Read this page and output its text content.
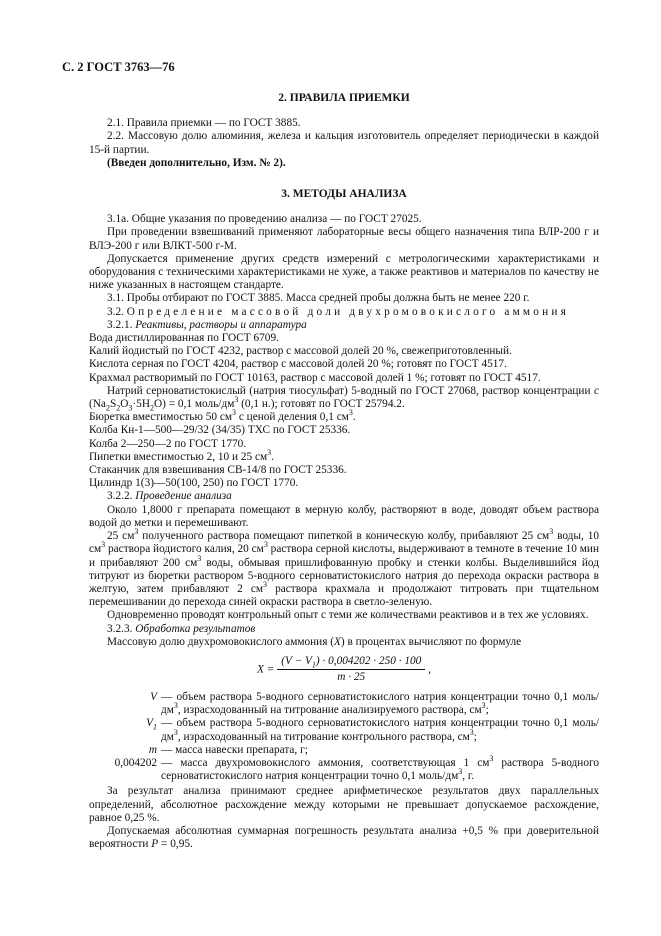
С. 2 ГОСТ 3763—76

2. ПРАВИЛА ПРИЕМКИ

2.1. Правила приемки — по ГОСТ 3885.

2.2. Массовую долю алюминия, железа и кальция изготовитель определяет периодически в каждой 15-й партии.

(Введен дополнительно, Изм. № 2).

3. МЕТОДЫ АНАЛИЗА

3.1а. Общие указания по проведению анализа — по ГОСТ 27025.

При проведении взвешиваний применяют лабораторные весы общего назначения типа ВЛР-200 г и ВЛЭ-200 г или ВЛКТ-500 г-М.

Допускается применение других средств измерений с метрологическими характеристиками и оборудования с техническими характеристиками не хуже, а также реактивов и материалов по качеству не ниже указанных в настоящем стандарте.

3.1. Пробы отбирают по ГОСТ 3885. Масса средней пробы должна быть не менее 220 г.

3.2. Определение массовой доли двухромовокислого аммония

3.2.1. Реактивы, растворы и аппаратура

Вода дистиллированная по ГОСТ 6709.

Калий йодистый по ГОСТ 4232, раствор с массовой долей 20 %, свежеприготовленный.

Кислота серная по ГОСТ 4204, раствор с массовой долей 20 %; готовят по ГОСТ 4517.

Крахмал растворимый по ГОСТ 10163, раствор с массовой долей 1 %; готовят по ГОСТ 4517.

Натрий серноватистокислый (натрия тиосульфат) 5-водный по ГОСТ 27068, раствор концентрации c $(Na_2S_2O_3\cdot 5H_2O) = 0,1$ моль/$дм^3$ (0,1 н.); готовят по ГОСТ 25794.2.

Бюретка вместимостью 50 $см^3$ с ценой деления 0,1 $см^3$.

Колба Кн-1—500—29/32 (34/35) ТХС по ГОСТ 25336.

Колба 2—250—2 по ГОСТ 1770.

Пипетки вместимостью 2, 10 и 25 $см^3$.

Стаканчик для взвешивания СВ-14/8 по ГОСТ 25336.

Цилиндр 1(3)—50(100, 250) по ГОСТ 1770.

3.2.2. Проведение анализа

Около 1,8000 г препарата помещают в мерную колбу, растворяют в воде, доводят объем раствора водой до метки и перемешивают.

25 $см^3$ полученного раствора помещают пипеткой в коническую колбу, прибавляют 25 $см^3$ воды, 10 $см^3$ раствора йодистого калия, 20 $см^3$ раствора серной кислоты, выдерживают в темноте в течение 10 мин и прибавляют 200 $см^3$ воды, обмывая пришлифованную пробку и стенки колбы. Выделившийся йод титруют из бюретки раствором 5-водного серноватистокислого натрия до перехода окраски раствора в желтую, затем прибавляют 2 $см^3$ раствора крахмала и продолжают титровать при тщательном перемешивании до перехода синей окраски раствора в светло-зеленую.

Одновременно проводят контрольный опыт с теми же количествами реактивов и в тех же условиях.

3.2.3. Обработка результатов

Массовую долю двухромовокислого аммония (X) в процентах вычисляют по формуле

$X = \frac{(V - V_1) \cdot 0,004202 \cdot 250 \cdot 100}{m \cdot 25}$ ,
V — объем раствора 5-водного серноватистокислого натрия концентрации точно 0,1 моль/$дм^3$, израсходованный на титрование анализируемого раствора, $см^3$;
$V_1$ — объем раствора 5-водного серноватистокислого натрия концентрации точно 0,1 моль/$дм^3$, израсходованный на титрование контрольного раствора, $см^3$;
m — масса навески препарата, г;
0,004202 — масса двухромовокислого аммония, соответствующая 1 $см^3$ раствора 5-водного серноватистокислого натрия концентрации точно 0,1 моль/$дм^3$, г.

За результат анализа принимают среднее арифметическое результатов двух параллельных определений, абсолютное расхождение между которыми не превышает допускаемое расхождение, равное 0,25 %.

Допускаемая абсолютная суммарная погрешность результата анализа +0,5 % при доверительной вероятности P = 0,95.
